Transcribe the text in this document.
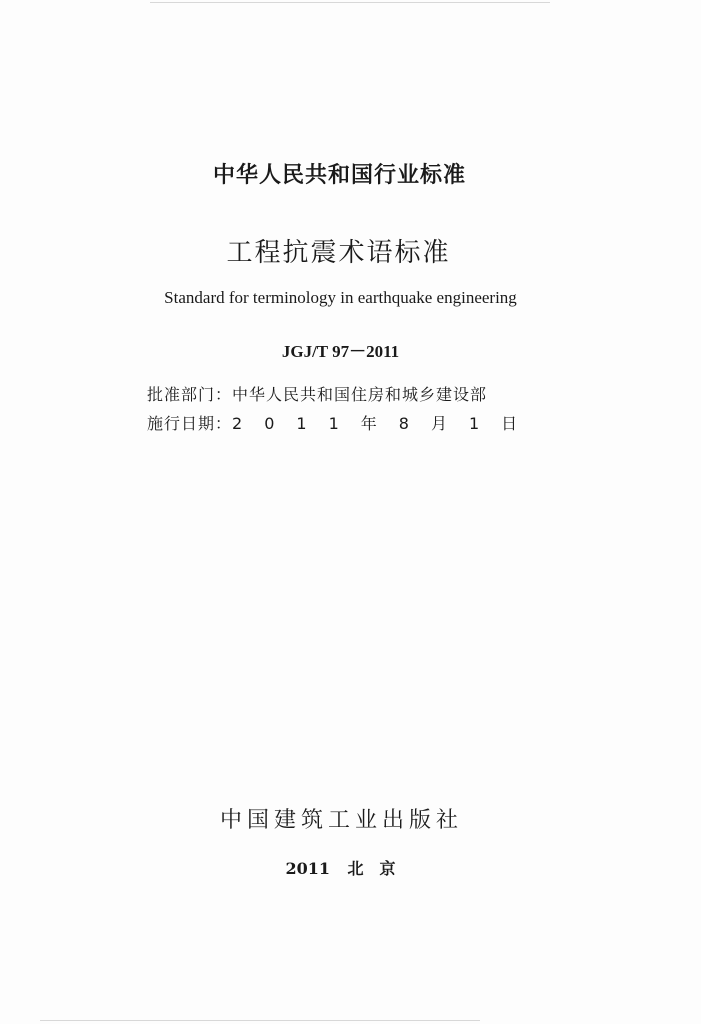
中华人民共和国行业标准
工程抗震术语标准
Standard for terminology in earthquake engineering
JGJ/T 97－2011
批准部门： 中华人民共和国住房和城乡建设部
施行日期： 2 0 1 1 年 8 月 1 日
中国建筑工业出版社
2011 北　京
